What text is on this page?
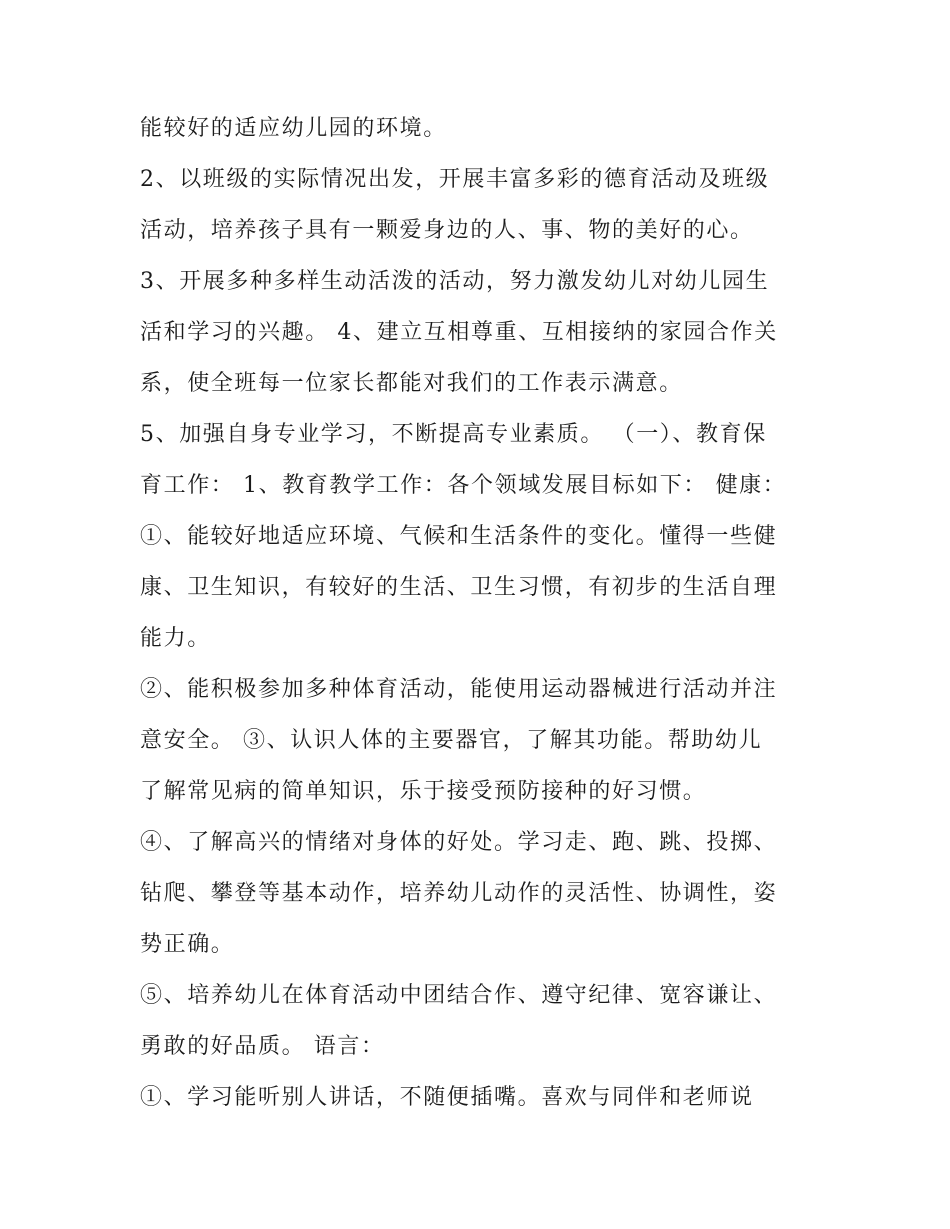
能较好的适应幼儿园的环境。
2、以班级的实际情况出发，开展丰富多彩的德育活动及班级
活动，培养孩子具有一颗爱身边的人、事、物的美好的心。
3、开展多种多样生动活泼的活动，努力激发幼儿对幼儿园生
活和学习的兴趣。 4、建立互相尊重、互相接纳的家园合作关
系，使全班每一位家长都能对我们的工作表示满意。
5、加强自身专业学习，不断提高专业素质。 （一）、教育保
育工作： 1、教育教学工作：各个领域发展目标如下： 健康：
①、能较好地适应环境、气候和生活条件的变化。懂得一些健
康、卫生知识，有较好的生活、卫生习惯，有初步的生活自理
能力。
②、能积极参加多种体育活动，能使用运动器械进行活动并注
意安全。 ③、认识人体的主要器官，了解其功能。帮助幼儿
了解常见病的简单知识，乐于接受预防接种的好习惯。
④、了解高兴的情绪对身体的好处。学习走、跑、跳、投掷、
钻爬、攀登等基本动作，培养幼儿动作的灵活性、协调性，姿
势正确。
⑤、培养幼儿在体育活动中团结合作、遵守纪律、宽容谦让、
勇敢的好品质。 语言：
①、学习能听别人讲话，不随便插嘴。喜欢与同伴和老师说
